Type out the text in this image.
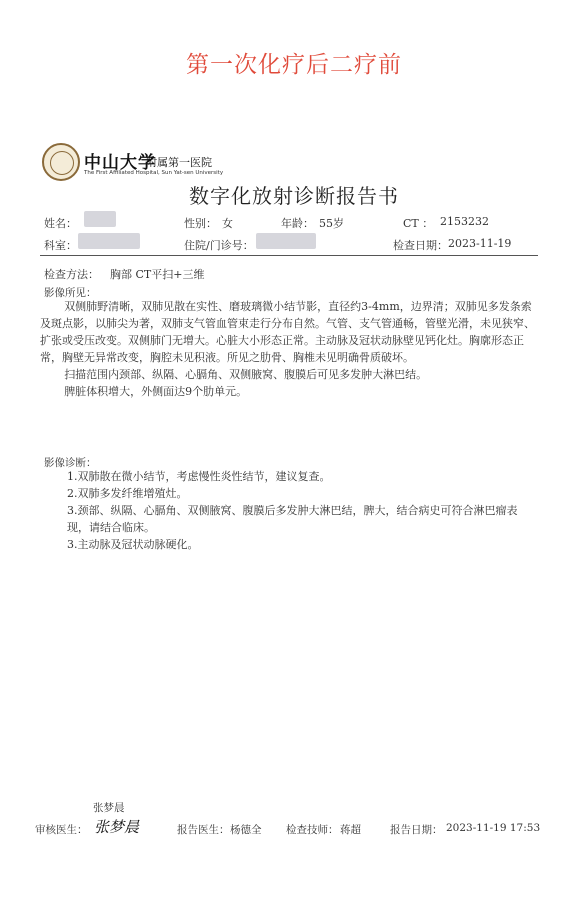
第一次化疗后二疗前
中山大学
附属第一医院
The First Affiliated Hospital, Sun Yat-sen University
数字化放射诊断报告书
姓名：	性别： 女	年龄： 55岁	CT ： 2153232
科室：	住院/门诊号：	检查日期： 2023-11-19
检查方法： 胸部 CT平扫+三维
影像所见：

双侧肺野清晰，双肺见散在实性、磨玻璃微小结节影，直径约3-4mm，边界清；双肺见多发条索及斑点影，以肺尖为著，双肺支气管血管束走行分布自然。气管、支气管通畅，管壁光滑，未见狭窄、扩张或受压改变。双侧肺门无增大。心脏大小形态正常。主动脉及冠状动脉壁见钙化灶。胸廓形态正常，胸壁无异常改变，胸腔未见积液。所见之肋骨、胸椎未见明确骨质破坏。

扫描范围内颈部、纵隔、心膈角、双侧腋窝、腹膜后可见多发肿大淋巴结。

脾脏体积增大，外侧面达9个肋单元。

影像诊断：
1.双肺散在微小结节，考虑慢性炎性结节，建议复查。
2.双肺多发纤维增殖灶。
3.颈部、纵隔、心膈角、双侧腋窝、腹膜后多发肿大淋巴结，脾大，结合病史可符合淋巴瘤表现，请结合临床。
3.主动脉及冠状动脉硬化。
张梦晨
审核医生： 张梦晨	报告医生： 杨德全 检查技师： 蒋超	报告日期： 2023-11-19 17:53
